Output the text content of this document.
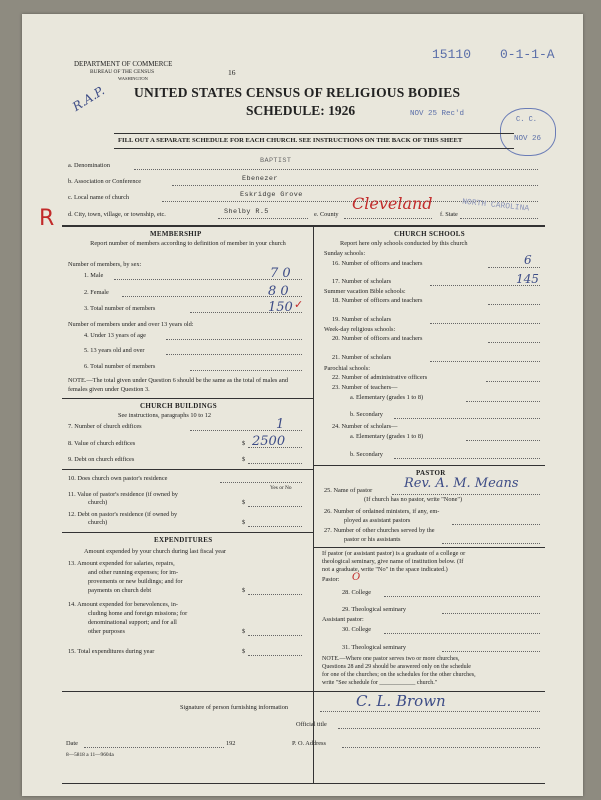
DEPARTMENT OF COMMERCE
BUREAU OF THE CENSUS
WASHINGTON
16
15110 0-1-1-A
R.A.P. UNITED STATES CENSUS OF RELIGIOUS BODIES
SCHEDULE: 1926	NOV 25 Rec'd
C. C.
NOV 26
FILL OUT A SEPARATE SCHEDULE FOR EACH CHURCH. SEE INSTRUCTIONS ON THE BACK OF THIS SHEET
a. Denomination
BAPTIST
b. Association or Conference	Ebenezer
c. Local name of church	Eskridge Grove
R d. City, town, village, or township, etc.	Shelby R.5	e. County
Cleveland
f. State
NORTH CAROLINA
MEMBERSHIP
Report number of members according to definition of member in your church
Number of members, by sex:
1. Male	7 0
2. Female	8 0
3. Total number of members	150 ✓
Number of members under and over 13 years old:
4. Under 13 years of age
5. 13 years old and over
6. Total number of members
NOTE.—The total given under Question 6 should be the same as the total of males and females given under Question 3.
CHURCH BUILDINGS
See instructions, paragraphs 10 to 12
7. Number of church edifices	1
8. Value of church edifices	$ 2500
9. Debt on church edifices	$
10. Does church own pastor's residence
Yes or No
11. Value of pastor's residence (if owned by
church)	$
12. Debt on pastor's residence (if owned by
church)	$
EXPENDITURES
Amount expended by your church during last fiscal year
13. Amount expended for salaries, repairs,
and other running expenses; for im-
provements or new buildings; and for
payments on church debt	$
14. Amount expended for benevolences, in-
cluding home and foreign missions; for
denominational support; and for all
other purposes	$
15. Total expenditures during year	$
CHURCH SCHOOLS
Report here only schools conducted by this church
Sunday schools:
16. Number of officers and teachers	6
17. Number of scholars	145
Summer vacation Bible schools:
18. Number of officers and teachers
19. Number of scholars
Week-day religious schools:
20. Number of officers and teachers
21. Number of scholars
Parochial schools:
22. Number of administrative officers
23. Number of teachers—
a. Elementary (grades 1 to 8)
b. Secondary
24. Number of scholars—
a. Elementary (grades 1 to 8)
b. Secondary
PASTOR
25. Name of pastor Rev. A. M. Means
(If church has no pastor, write "None")
26. Number of ordained ministers, if any, em-
ployed as assistant pastors
27. Number of other churches served by the
pastor or his assistants
If pastor (or assistant pastor) is a graduate of a college or
theological seminary, give name of institution below. (If
not a graduate, write "No" in the space indicated.)
Pastor: O
28. College
29. Theological seminary
Assistant pastor:
30. College
31. Theological seminary
NOTE.—Where one pastor serves two or more churches,
Questions 28 and 29 should be answered only on the schedule
for one of the churches; on the schedules for the other churches,
write "See schedule for ____________ church."
Signature of person furnishing information	C. L. Brown
Official title
Date	192	P. O. Address
8—5818 a 11—9604a
